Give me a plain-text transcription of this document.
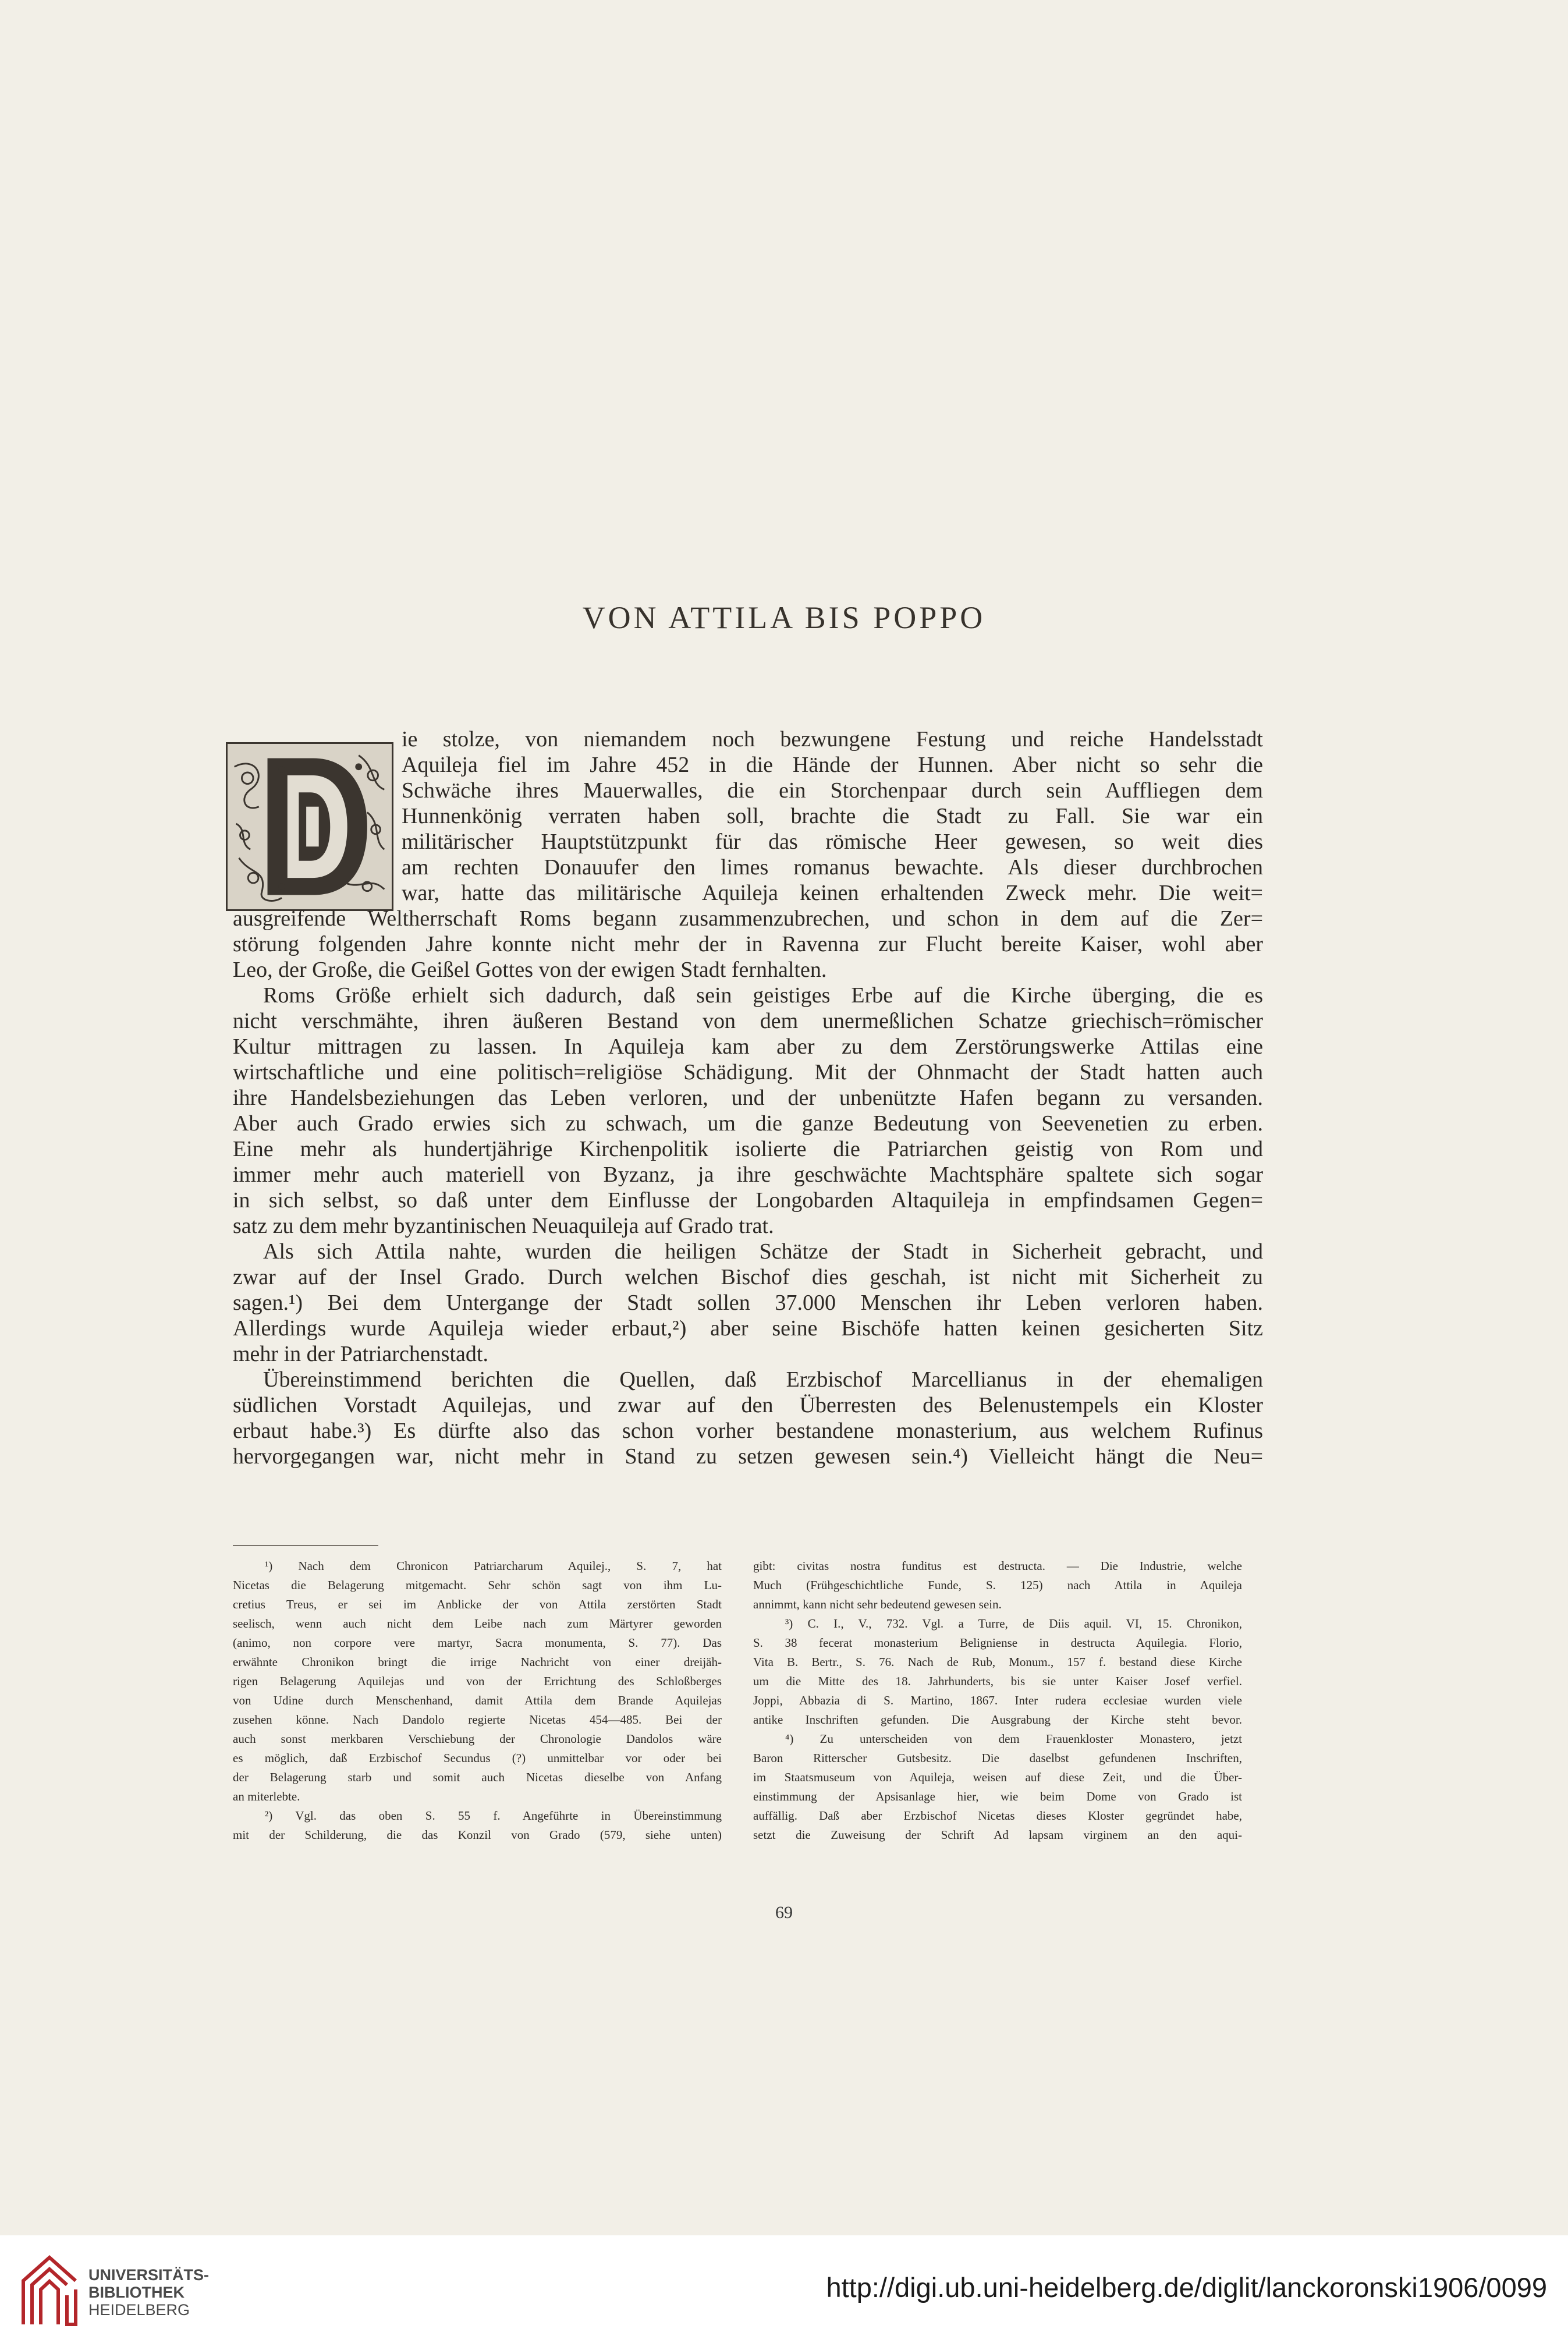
VON ATTILA BIS POPPO
ie stolze, von niemandem noch bezwungene Festung und reiche Handelsstadt
Aquileja fiel im Jahre 452 in die Hände der Hunnen. Aber nicht so sehr die
Schwäche ihres Mauerwalles, die ein Storchenpaar durch sein Auffliegen dem
Hunnenkönig verraten haben soll, brachte die Stadt zu Fall. Sie war ein
militärischer Hauptstützpunkt für das römische Heer gewesen, so weit dies
am rechten Donauufer den limes romanus bewachte. Als dieser durchbrochen
war, hatte das militärische Aquileja keinen erhaltenden Zweck mehr. Die weit=
ausgreifende Weltherrschaft Roms begann zusammenzubrechen, und schon in dem auf die Zer=
störung folgenden Jahre konnte nicht mehr der in Ravenna zur Flucht bereite Kaiser, wohl aber
Leo, der Große, die Geißel Gottes von der ewigen Stadt fernhalten.
Roms Größe erhielt sich dadurch, daß sein geistiges Erbe auf die Kirche überging, die es
nicht verschmähte, ihren äußeren Bestand von dem unermeßlichen Schatze griechisch=römischer
Kultur mittragen zu lassen. In Aquileja kam aber zu dem Zerstörungswerke Attilas eine
wirtschaftliche und eine politisch=religiöse Schädigung. Mit der Ohnmacht der Stadt hatten auch
ihre Handelsbeziehungen das Leben verloren, und der unbenützte Hafen begann zu versanden.
Aber auch Grado erwies sich zu schwach, um die ganze Bedeutung von Seevenetien zu erben.
Eine mehr als hundertjährige Kirchenpolitik isolierte die Patriarchen geistig von Rom und
immer mehr auch materiell von Byzanz, ja ihre geschwächte Machtsphäre spaltete sich sogar
in sich selbst, so daß unter dem Einflusse der Longobarden Altaquileja in empfindsamen Gegen=
satz zu dem mehr byzantinischen Neuaquileja auf Grado trat.
Als sich Attila nahte, wurden die heiligen Schätze der Stadt in Sicherheit gebracht, und
zwar auf der Insel Grado. Durch welchen Bischof dies geschah, ist nicht mit Sicherheit zu
sagen.¹) Bei dem Untergange der Stadt sollen 37.000 Menschen ihr Leben verloren haben.
Allerdings wurde Aquileja wieder erbaut,²) aber seine Bischöfe hatten keinen gesicherten Sitz
mehr in der Patriarchenstadt.
Übereinstimmend berichten die Quellen, daß Erzbischof Marcellianus in der ehemaligen
südlichen Vorstadt Aquilejas, und zwar auf den Überresten des Belenustempels ein Kloster
erbaut habe.³) Es dürfte also das schon vorher bestandene monasterium, aus welchem Rufinus
hervorgegangen war, nicht mehr in Stand zu setzen gewesen sein.⁴) Vielleicht hängt die Neu=
¹) Nach dem Chronicon Patriarcharum Aquilej., S. 7, hat
Nicetas die Belagerung mitgemacht. Sehr schön sagt von ihm Lu-
cretius Treus, er sei im Anblicke der von Attila zerstörten Stadt
seelisch, wenn auch nicht dem Leibe nach zum Märtyrer geworden
(animo, non corpore vere martyr, Sacra monumenta, S. 77). Das
erwähnte Chronikon bringt die irrige Nachricht von einer dreijäh-
rigen Belagerung Aquilejas und von der Errichtung des Schloßberges
von Udine durch Menschenhand, damit Attila dem Brande Aquilejas
zusehen könne. Nach Dandolo regierte Nicetas 454—485. Bei der
auch sonst merkbaren Verschiebung der Chronologie Dandolos wäre
es möglich, daß Erzbischof Secundus (?) unmittelbar vor oder bei
der Belagerung starb und somit auch Nicetas dieselbe von Anfang
an miterlebte.
²) Vgl. das oben S. 55 f. Angeführte in Übereinstimmung
mit der Schilderung, die das Konzil von Grado (579, siehe unten)
gibt: civitas nostra funditus est destructa. — Die Industrie, welche
Much (Frühgeschichtliche Funde, S. 125) nach Attila in Aquileja
annimmt, kann nicht sehr bedeutend gewesen sein.
³) C. I., V., 732. Vgl. a Turre, de Diis aquil. VI, 15. Chronikon,
S. 38 fecerat monasterium Beligniense in destructa Aquilegia. Florio,
Vita B. Bertr., S. 76. Nach de Rub, Monum., 157 f. bestand diese Kirche
um die Mitte des 18. Jahrhunderts, bis sie unter Kaiser Josef verfiel.
Joppi, Abbazia di S. Martino, 1867. Inter rudera ecclesiae wurden viele
antike Inschriften gefunden. Die Ausgrabung der Kirche steht bevor.
⁴) Zu unterscheiden von dem Frauenkloster Monastero, jetzt
Baron Ritterscher Gutsbesitz. Die daselbst gefundenen Inschriften,
im Staatsmuseum von Aquileja, weisen auf diese Zeit, und die Über-
einstimmung der Apsisanlage hier, wie beim Dome von Grado ist
auffällig. Daß aber Erzbischof Nicetas dieses Kloster gegründet habe,
setzt die Zuweisung der Schrift Ad lapsam virginem an den aqui-
69
UNIVERSITÄTS-
BIBLIOTHEK
HEIDELBERG
http://digi.ub.uni-heidelberg.de/diglit/lanckoronski1906/0099
